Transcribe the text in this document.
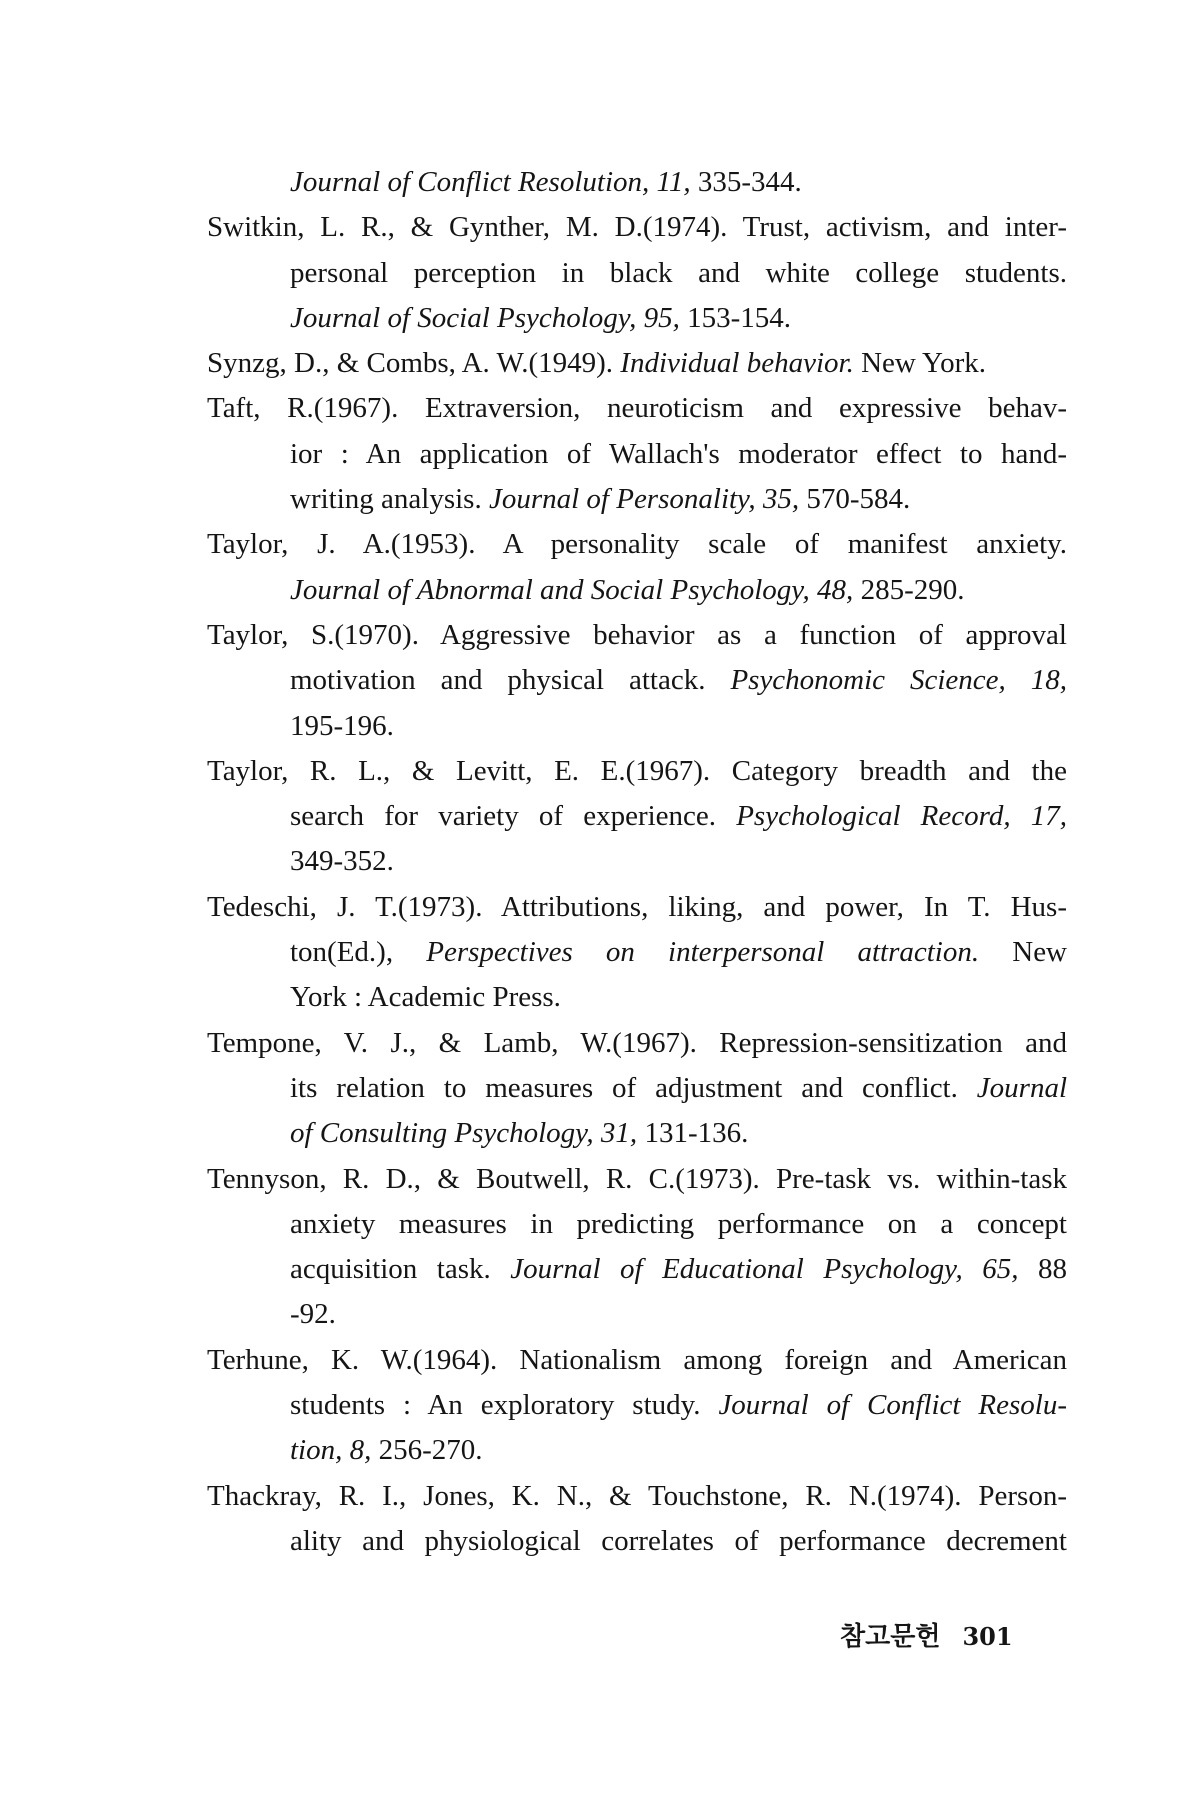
Journal of Conflict Resolution, 11, 335-344.
Switkin, L. R., & Gynther, M. D.(1974). Trust, activism, and inter-
personal perception in black and white college students.
Journal of Social Psychology, 95, 153-154.
Synzg, D., & Combs, A. W.(1949). Individual behavior. New York.
Taft, R.(1967). Extraversion, neuroticism and expressive behav-
ior : An application of Wallach's moderator effect to hand-
writing analysis. Journal of Personality, 35, 570-584.
Taylor, J. A.(1953). A personality scale of manifest anxiety.
Journal of Abnormal and Social Psychology, 48, 285-290.
Taylor, S.(1970). Aggressive behavior as a function of approval
motivation and physical attack. Psychonomic Science, 18,
195-196.
Taylor, R. L., & Levitt, E. E.(1967). Category breadth and the
search for variety of experience. Psychological Record, 17,
349-352.
Tedeschi, J. T.(1973). Attributions, liking, and power, In T. Hus-
ton(Ed.), Perspectives on interpersonal attraction. New
York : Academic Press.
Tempone, V. J., & Lamb, W.(1967). Repression-sensitization and
its relation to measures of adjustment and conflict. Journal
of Consulting Psychology, 31, 131-136.
Tennyson, R. D., & Boutwell, R. C.(1973). Pre-task vs. within-task
anxiety measures in predicting performance on a concept
acquisition task. Journal of Educational Psychology, 65, 88
-92.
Terhune, K. W.(1964). Nationalism among foreign and American
students : An exploratory study. Journal of Conflict Resolu-
tion, 8, 256-270.
Thackray, R. I., Jones, K. N., & Touchstone, R. N.(1974). Person-
ality and physiological correlates of performance decrement
참고문헌 301
